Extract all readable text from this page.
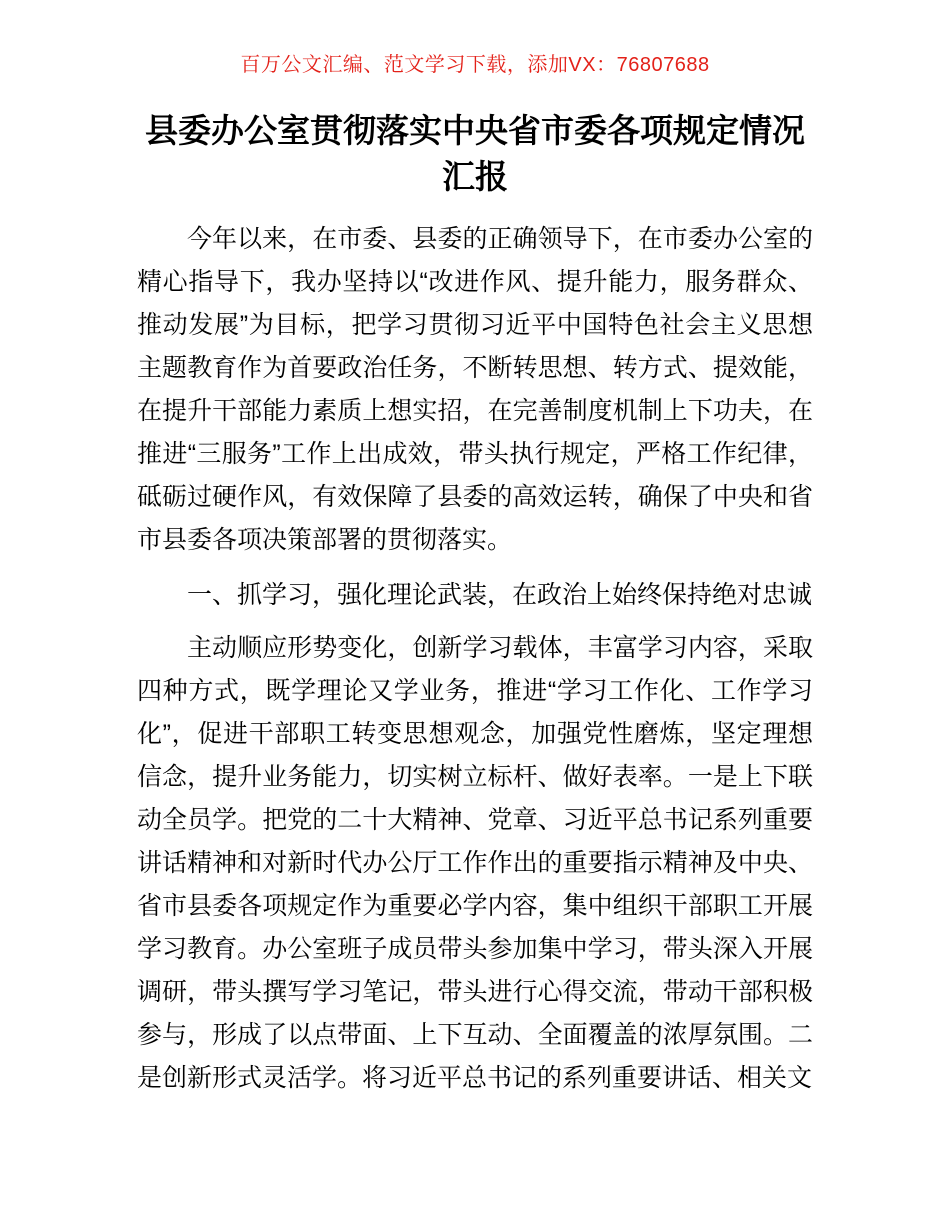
百万公文汇编、范文学习下载，添加VX：76807688
县委办公室贯彻落实中央省市委各项规定情况汇报

今年以来，在市委、县委的正确领导下，在市委办公室的精心指导下，我办坚持以“改进作风、提升能力，服务群众、推动发展”为目标，把学习贯彻习近平中国特色社会主义思想主题教育作为首要政治任务，不断转思想、转方式、提效能，在提升干部能力素质上想实招，在完善制度机制上下功夫，在推进“三服务”工作上出成效，带头执行规定，严格工作纪律，砥砺过硬作风，有效保障了县委的高效运转，确保了中央和省市县委各项决策部署的贯彻落实。

一、抓学习，强化理论武装，在政治上始终保持绝对忠诚

主动顺应形势变化，创新学习载体，丰富学习内容，采取四种方式，既学理论又学业务，推进“学习工作化、工作学习化”，促进干部职工转变思想观念，加强党性磨炼，坚定理想信念，提升业务能力，切实树立标杆、做好表率。一是上下联动全员学。把党的二十大精神、党章、习近平总书记系列重要讲话精神和对新时代办公厅工作作出的重要指示精神及中央、省市县委各项规定作为重要必学内容，集中组织干部职工开展学习教育。办公室班子成员带头参加集中学习，带头深入开展调研，带头撰写学习笔记，带头进行心得交流，带动干部积极参与，形成了以点带面、上下互动、全面覆盖的浓厚氛围。二是创新形式灵活学。将习近平总书记的系列重要讲话、相关文
